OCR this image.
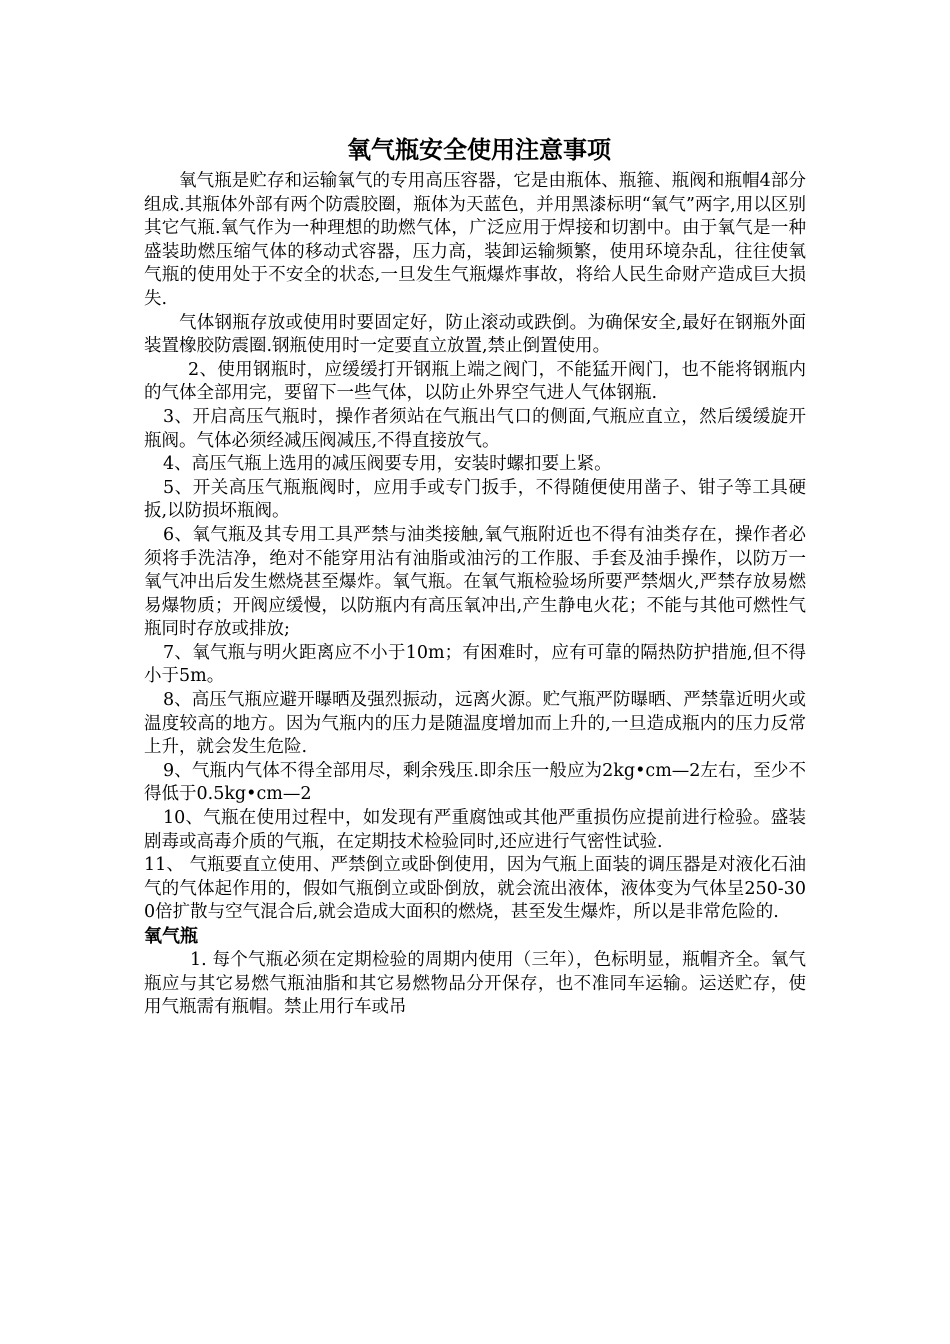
氧气瓶安全使用注意事项

氧气瓶是贮存和运输氧气的专用高压容器，它是由瓶体、瓶箍、瓶阀和瓶帽4部分组成.其瓶体外部有两个防震胶圈，瓶体为天蓝色，并用黑漆标明“氧气”两字,用以区别其它气瓶.氧气作为一种理想的助燃气体，广泛应用于焊接和切割中。由于氧气是一种盛装助燃压缩气体的移动式容器，压力高，装卸运输频繁，使用环境杂乱，往往使氧气瓶的使用处于不安全的状态,一旦发生气瓶爆炸事故，将给人民生命财产造成巨大损失.

气体钢瓶存放或使用时要固定好，防止滚动或跌倒。为确保安全,最好在钢瓶外面装置橡胶防震圈.钢瓶使用时一定要直立放置,禁止倒置使用。

2、使用钢瓶时，应缓缓打开钢瓶上端之阀门，不能猛开阀门，也不能将钢瓶内的气体全部用完，要留下一些气体，以防止外界空气进人气体钢瓶.

3、开启高压气瓶时，操作者须站在气瓶出气口的侧面,气瓶应直立，然后缓缓旋开瓶阀。气体必须经减压阀减压,不得直接放气。

4、高压气瓶上选用的减压阀要专用，安装时螺扣要上紧。

5、开关高压气瓶瓶阀时，应用手或专门扳手，不得随便使用凿子、钳子等工具硬扳,以防损坏瓶阀。

6、氧气瓶及其专用工具严禁与油类接触,氧气瓶附近也不得有油类存在，操作者必须将手洗洁净，绝对不能穿用沾有油脂或油污的工作服、手套及油手操作，以防万一氧气冲出后发生燃烧甚至爆炸。氧气瓶。在氧气瓶检验场所要严禁烟火,严禁存放易燃易爆物质；开阀应缓慢，以防瓶内有高压氧冲出,产生静电火花；不能与其他可燃性气瓶同时存放或排放;

7、氧气瓶与明火距离应不小于10m；有困难时，应有可靠的隔热防护措施,但不得小于5m。

8、高压气瓶应避开曝晒及强烈振动，远离火源。贮气瓶严防曝晒、严禁靠近明火或温度较高的地方。因为气瓶内的压力是随温度增加而上升的,一旦造成瓶内的压力反常上升，就会发生危险.

9、气瓶内气体不得全部用尽，剩余残压.即余压一般应为2kg•cm—2左右，至少不得低于0.5kg•cm—2

10、气瓶在使用过程中，如发现有严重腐蚀或其他严重损伤应提前进行检验。盛装剧毒或高毒介质的气瓶，在定期技术检验同时,还应进行气密性试验.

11、 气瓶要直立使用、严禁倒立或卧倒使用，因为气瓶上面装的调压器是对液化石油气的气体起作用的，假如气瓶倒立或卧倒放，就会流出液体，液体变为气体呈250-300倍扩散与空气混合后,就会造成大面积的燃烧，甚至发生爆炸，所以是非常危险的.

氧气瓶

1. 每个气瓶必须在定期检验的周期内使用（三年），色标明显，瓶帽齐全。氧气瓶应与其它易燃气瓶油脂和其它易燃物品分开保存，也不准同车运输。运送贮存，使用气瓶需有瓶帽。禁止用行车或吊
